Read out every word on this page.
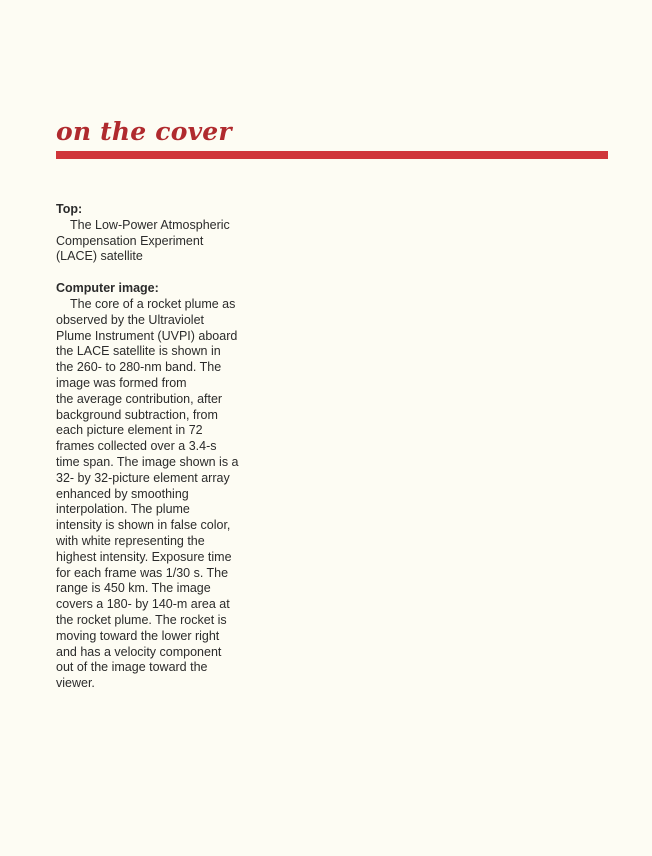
on the cover
Top:
The Low-Power Atmospheric
Compensation Experiment
(LACE) satellite
Computer image:
The core of a rocket plume as
observed by the Ultraviolet
Plume Instrument (UVPI) aboard
the LACE satellite is shown in
the 260- to 280-nm band. The
image was formed from
the average contribution, after
background subtraction, from
each picture element in 72
frames collected over a 3.4-s
time span. The image shown is a
32- by 32-picture element array
enhanced by smoothing
interpolation. The plume
intensity is shown in false color,
with white representing the
highest intensity. Exposure time
for each frame was 1/30 s. The
range is 450 km. The image
covers a 180- by 140-m area at
the rocket plume. The rocket is
moving toward the lower right
and has a velocity component
out of the image toward the
viewer.
